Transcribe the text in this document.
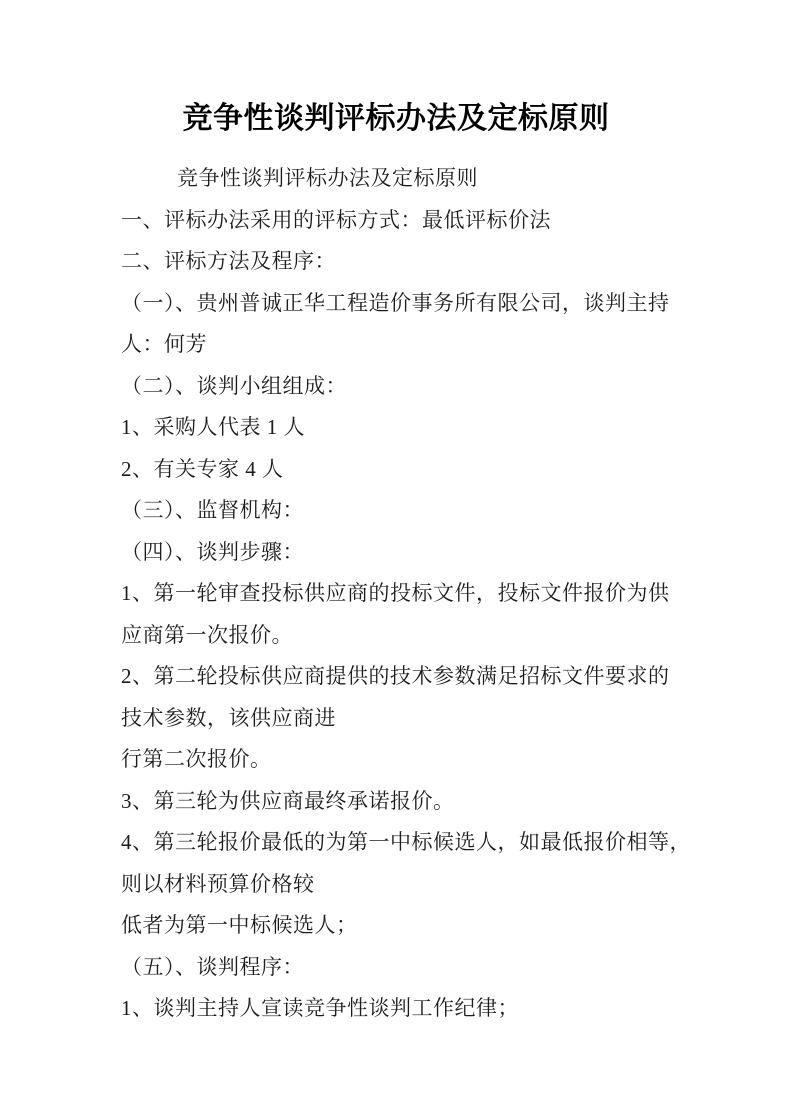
竞争性谈判评标办法及定标原则
竞争性谈判评标办法及定标原则
一、评标办法采用的评标方式：最低评标价法
二、评标方法及程序：
（一）、贵州普诚正华工程造价事务所有限公司，谈判主持
人：何芳
（二）、谈判小组组成：
1、采购人代表 1 人
2、有关专家 4 人
（三）、监督机构：
（四）、谈判步骤：
1、第一轮审查投标供应商的投标文件，投标文件报价为供
应商第一次报价。
2、第二轮投标供应商提供的技术参数满足招标文件要求的
技术参数，该供应商进
行第二次报价。
3、第三轮为供应商最终承诺报价。
4、第三轮报价最低的为第一中标候选人，如最低报价相等，
则以材料预算价格较
低者为第一中标候选人；
（五）、谈判程序：
1、谈判主持人宣读竞争性谈判工作纪律；
